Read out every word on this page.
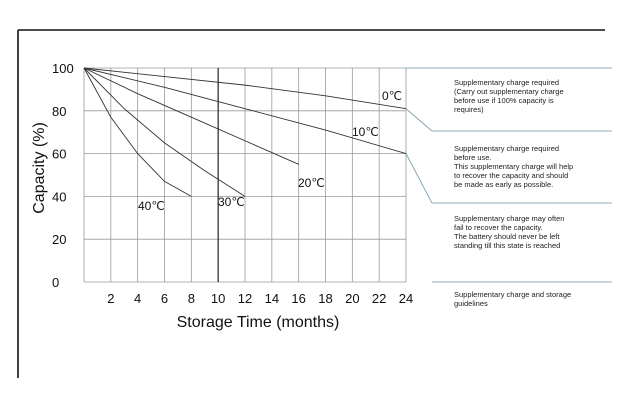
0℃
10℃
20℃
30℃
40℃
0
20
40
60
80
100
2 4 6 8 10 12 14 16 18 20 22 24
Capacity (%)
Storage Time (months)
Supplementary charge required
(Carry out supplementary charge
before use if 100% capacity is
requires)
Supplementary charge required
before use.
This supplementary charge will help
to recover the capacity and should
be made as early as possible.
Supplementary charge may often
fail to recover the capacity.
The battery should never be left
standing till this state is reached
Supplementary charge and storage
guidelines
